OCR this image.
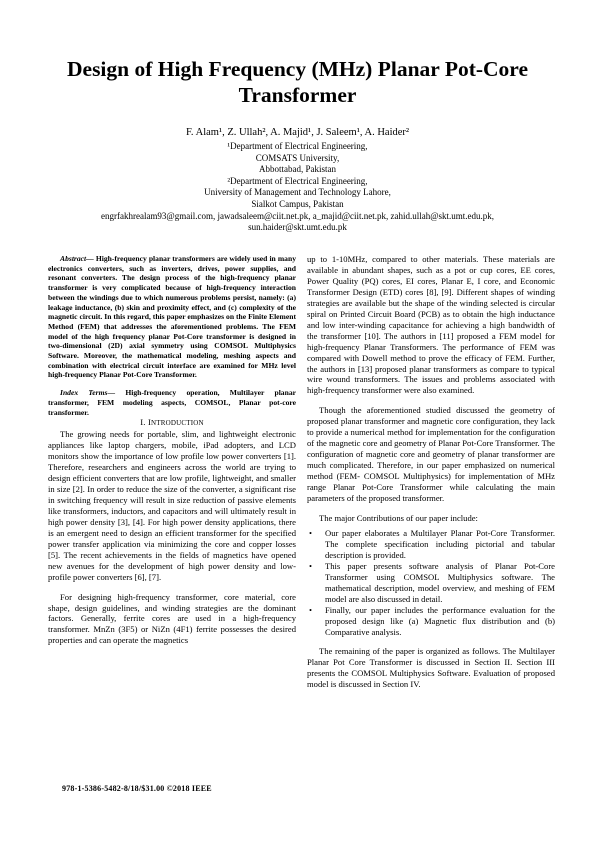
Design of High Frequency (MHz) Planar Pot-Core Transformer
F. Alam¹, Z. Ullah², A. Majid¹, J. Saleem¹, A. Haider²
¹Department of Electrical Engineering,
COMSATS University,
Abbottabad, Pakistan
²Department of Electrical Engineering,
University of Management and Technology Lahore,
Sialkot Campus, Pakistan
engrfakhrealam93@gmail.com, jawadsaleem@ciit.net.pk, a_majid@ciit.net.pk, zahid.ullah@skt.umt.edu.pk,
sun.haider@skt.umt.edu.pk

Abstract— High-frequency planar transformers are widely used in many electronics converters, such as inverters, drives, power supplies, and resonant converters. The design process of the high-frequency planar transformer is very complicated because of high-frequency interaction between the windings due to which numerous problems persist, namely: (a) leakage inductance, (b) skin and proximity effect, and (c) complexity of the magnetic circuit. In this regard, this paper emphasizes on the Finite Element Method (FEM) that addresses the aforementioned problems. The FEM model of the high frequency planar Pot-Core transformer is designed in two-dimensional (2D) axial symmetry using COMSOL Multiphysics Software. Moreover, the mathematical modeling, meshing aspects and combination with electrical circuit interface are examined for MHz level high-frequency Planar Pot-Core Transformer.

Index Terms— High-frequency operation, Multilayer planar transformer, FEM modeling aspects, COMSOL, Planar pot-core transformer.

I. INTRODUCTION

The growing needs for portable, slim, and lightweight electronic appliances like laptop chargers, mobile, iPad adopters, and LCD monitors show the importance of low profile low power converters [1]. Therefore, researchers and engineers across the world are trying to design efficient converters that are low profile, lightweight, and smaller in size [2]. In order to reduce the size of the converter, a significant rise in switching frequency will result in size reduction of passive elements like transformers, inductors, and capacitors and will ultimately result in high power density [3], [4]. For high power density applications, there is an emergent need to design an efficient transformer for the specified power transfer application via minimizing the core and copper losses [5]. The recent achievements in the fields of magnetics have opened new avenues for the development of high power density and low-profile power converters [6], [7].

For designing high-frequency transformer, core material, core shape, design guidelines, and winding strategies are the dominant factors. Generally, ferrite cores are used in a high-frequency transformer. MnZn (3F5) or NiZn (4F1) ferrite possesses the desired properties and can operate the magnetics

up to 1-10MHz, compared to other materials. These materials are available in abundant shapes, such as a pot or cup cores, EE cores, Power Quality (PQ) cores, EI cores, Planar E, I core, and Economic Transformer Design (ETD) cores [8], [9]. Different shapes of winding strategies are available but the shape of the winding selected is circular spiral on Printed Circuit Board (PCB) as to obtain the high inductance and low inter-winding capacitance for achieving a high bandwidth of the transformer [10]. The authors in [11] proposed a FEM model for high-frequency Planar Transformers. The performance of FEM was compared with Dowell method to prove the efficacy of FEM. Further, the authors in [13] proposed planar transformers as compare to typical wire wound transformers. The issues and problems associated with high-frequency transformer were also examined.

Though the aforementioned studied discussed the geometry of proposed planar transformer and magnetic core configuration, they lack to provide a numerical method for implementation for the configuration of the magnetic core and geometry of Planar Pot-Core Transformer. The configuration of magnetic core and geometry of planar transformer are much complicated. Therefore, in our paper emphasized on numerical method (FEM- COMSOL Multiphysics) for implementation of MHz range Planar Pot-Core Transformer while calculating the main parameters of the proposed transformer.

The major Contributions of our paper include:

• Our paper elaborates a Multilayer Planar Pot-Core Transformer. The complete specification including pictorial and tabular description is provided.
• This paper presents software analysis of Planar Pot-Core Transformer using COMSOL Multiphysics software. The mathematical description, model overview, and meshing of FEM model are also discussed in detail.
• Finally, our paper includes the performance evaluation for the proposed design like (a) Magnetic flux distribution and (b) Comparative analysis.

The remaining of the paper is organized as follows. The Multilayer Planar Pot Core Transformer is discussed in Section II. Section III presents the COMSOL Multiphysics Software. Evaluation of proposed model is discussed in Section IV.

978-1-5386-5482-8/18/$31.00 ©2018 IEEE
